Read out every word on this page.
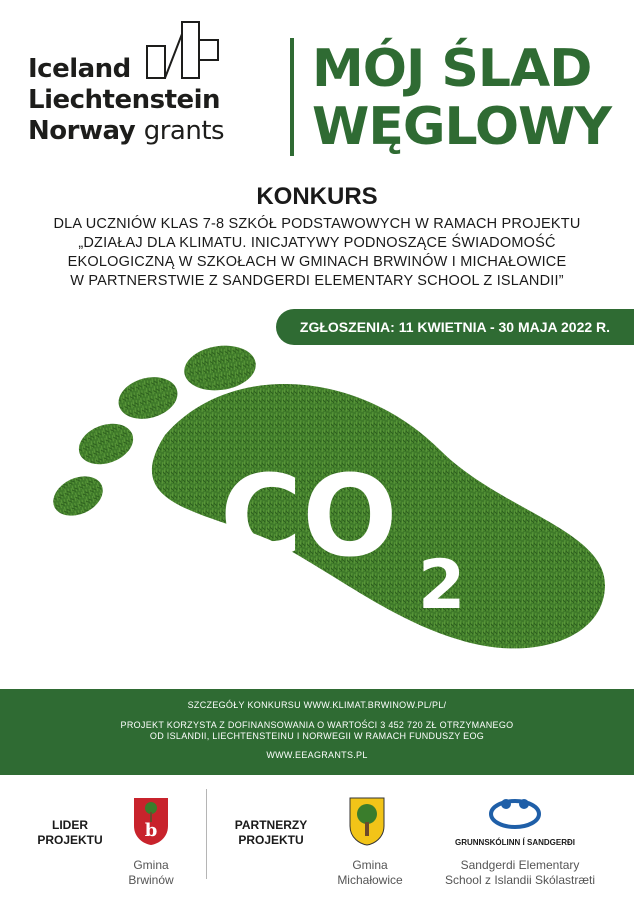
Iceland
Liechtenstein
Norway grants
MÓJ ŚLAD
WĘGLOWY
KONKURS
DLA UCZNIÓW KLAS 7-8 SZKÓŁ PODSTAWOWYCH W RAMACH PROJEKTU
„DZIAŁAJ DLA KLIMATU. INICJATYWY PODNOSZĄCE ŚWIADOMOŚĆ
EKOLOGICZNĄ W SZKOŁACH W GMINACH BRWINÓW I MICHAŁOWICE
W PARTNERSTWIE Z SANDGERDI ELEMENTARY SCHOOL Z ISLANDII”
ZGŁOSZENIA: 11 KWIETNIA - 30 MAJA 2022 R.
CO
2
SZCZEGÓŁY KONKURSU WWW.KLIMAT.BRWINOW.PL/PL/
PROJEKT KORZYSTA Z DOFINANSOWANIA O WARTOŚCI 3 452 720 ZŁ OTRZYMANEGO
OD ISLANDII, LIECHTENSTEINU I NORWEGII W RAMACH FUNDUSZY EOG
WWW.EEAGRANTS.PL
LIDER
PROJEKTU	b
Gmina
Brwinów
PARTNERZY
PROJEKTU
Gmina
Michałowice
GRUNNSKÓLINN Í SANDGERÐI
Sandgerdi Elementary
School z Islandii Skólastræti
